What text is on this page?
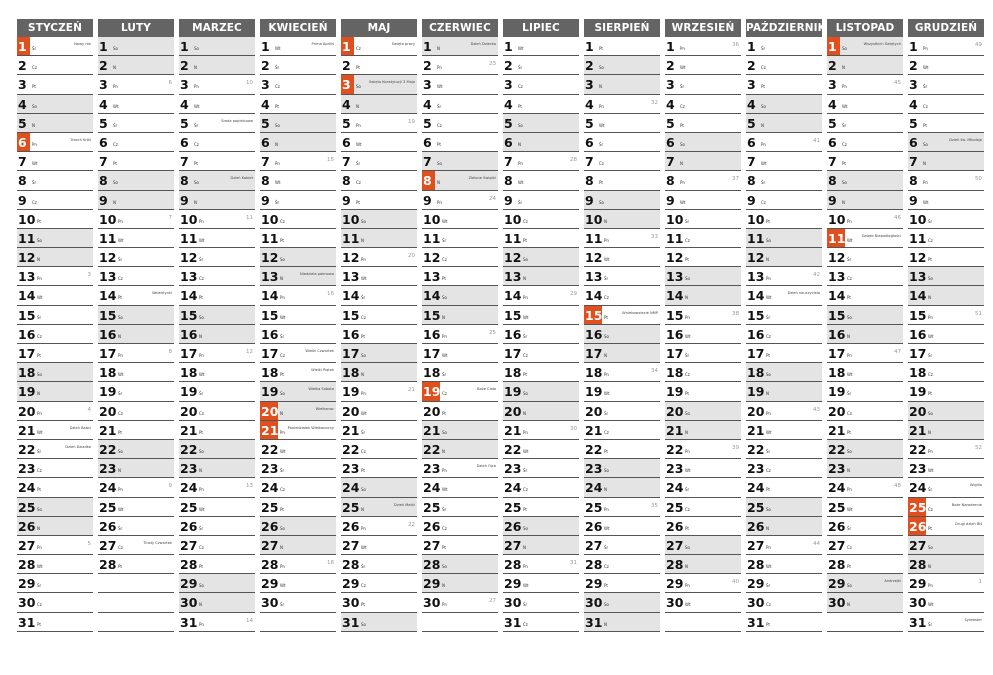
STYCZEŃ
1	Śr
Nowy rok
2	Cz
3	Pt
4	So
5	N
6	Pn
Trzech Króli
7	Wt
8	Śr
9	Cz
10 Pt
11 So
12 N
13 Pn
3
14 Wt
15 Śr
16 Cz
17 Pt
18 So
19 N
20 Pn
4
21 Wt
Dzień Babci
22 Śr
Dzień Dziadka
23 Cz
24 Pt
25 So
26 N
27 Pn
5
28 Wt
29 Śr
30 Cz
31 Pt
LUTY
1	So
2	N
3	Pn
6
4	Wt
5	Śr
6	Cz
7	Pt
8	So
9	N
10 Pn
7
11 Wt
12 Śr
13 Cz
14 Pt
Walentynki
15 So
16 N
17 Pn
8
18 Wt
19 Śr
20 Cz
21 Pt
22 So
23 N
24 Pn
9
25 Wt
26 Śr
27 Cz
Tłusty Czwartek
28 Pt
MARZEC
1	So
2	N
3	Pn
10
4	Wt
5	Śr
Środa popielcowa
6	Cz
7	Pt
8	So
Dzień Kobiet
9	N
10 Pn
11
11 Wt
12 Śr
13 Cz
14 Pt
15 So
16 N
17 Pn
12
18 Wt
19 Śr
20 Cz
21 Pt
22 So
23 N
24 Pn
13
25 Wt
26 Śr
27 Cz
28 Pt
29 So
30 N
31 Pn
14
KWIECIEŃ
1	Wt
Prima Aprilis
2	Śr
3	Cz
4	Pt
5	So
6	N
7	Pn
15
8	Wt
9	Śr
10 Cz
11 Pt
12 So
13 N
Niedziela palmowa
14 Pn
16
15 Wt
16 Śr
17 Cz
Wielki Czwartek
18 Pt
Wielki Piątek
19 So
Wielka Sobota
20 N
Wielkanoc
21 Pn
Poniedziałek Wielkanocny
22 Wt
23 Śr
24 Cz
25 Pt
26 So
27 N
28 Pn
18
29 Wt
30 Śr
MAJ
1	Cz
Święto pracy
2	Pt
3	So
Święto Konstytucji 3 Maja
4	N
5	Pn
19
6	Wt
7	Śr
8	Cz
9	Pt
10 So
11 N
12 Pn
20
13 Wt
14 Śr
15 Cz
16 Pt
17 So
18 N
19 Pn
21
20 Wt
21 Śr
22 Cz
23 Pt
24 So
25 N
Dzień Matki
26 Pn
22
27 Wt
28 Śr
29 Cz
30 Pt
31 So
CZERWIEC
1	N
Dzień Dziecka
2	Pn
23
3	Wt
4	Śr
5	Cz
6	Pt
7	So
8	N
Zielone Świątki
9	Pn
24
10 Wt
11 Śr
12 Cz
13 Pt
14 So
15 N
16 Pn
25
17 Wt
18 Śr
19 Cz
Boże Ciało
20 Pt
21 So
22 N
23 Pn
Dzień Ojca
24 Wt
25 Śr
26 Cz
27 Pt
28 So
29 N
30 Pn
27
LIPIEC
1	Wt
2	Śr
3	Cz
4	Pt
5	So
6	N
7	Pn
28
8	Wt
9	Śr
10 Cz
11 Pt
12 So
13 N
14 Pn
29
15 Wt
16 Śr
17 Cz
18 Pt
19 So
20 N
21 Pn
30
22 Wt
23 Śr
24 Cz
25 Pt
26 So
27 N
28 Pn
31
29 Wt
30 Śr
31 Cz
SIERPIEŃ
1	Pt
2	So
3	N
4	Pn
32
5	Wt
6	Śr
7	Cz
8	Pt
9	So
10 N
11 Pn
33
12 Wt
13 Śr
14 Cz
15 Pt
Wniebowzięcie NMP
16 So
17 N
18 Pn
34
19 Wt
20 Śr
21 Cz
22 Pt
23 So
24 N
25 Pn
35
26 Wt
27 Śr
28 Cz
29 Pt
30 So
31 N
WRZESIEŃ
1	Pn
36
2	Wt
3	Śr
4	Cz
5	Pt
6	So
7	N
8	Pn
37
9	Wt
10 Śr
11 Cz
12 Pt
13 So
14 N
15 Pn
38
16 Wt
17 Śr
18 Cz
19 Pt
20 So
21 N
22 Pn
39
23 Wt
24 Śr
25 Cz
26 Pt
27 So
28 N
29 Pn
40
30 Wt
PAŹDZIERNIK
1	Śr
2	Cz
3	Pt
4	So
5	N
6	Pn
41
7	Wt
8	Śr
9	Cz
10 Pt
11 So
12 N
13 Pn
42
14 Wt
Dzień nauczyciela
15 Śr
16 Cz
17 Pt
18 So
19 N
20 Pn
43
21 Wt
22 Śr
23 Cz
24 Pt
25 So
26 N
27 Pn
44
28 Wt
29 Śr
30 Cz
31 Pt
LISTOPAD
1	So
Wszystkich Świętych
2	N
3	Pn
45
4	Wt
5	Śr
6	Cz
7	Pt
8	So
9	N
10 Pn
46
11 Wt
Święto Niepodległości
12 Śr
13 Cz
14 Pt
15 So
16 N
17 Pn
47
18 Wt
19 Śr
20 Cz
21 Pt
22 So
23 N
24 Pn
48
25 Wt
26 Śr
27 Cz
28 Pt
29 So
Andrzejki
30 N
GRUDZIEŃ
1	Pn
49
2	Wt
3	Śr
4	Cz
5	Pt
6	So
Dzień św. Mikołaja
7	N
8	Pn
50
9	Wt
10 Śr
11 Cz
12 Pt
13 So
14 N
15 Pn
51
16 Wt
17 Śr
18 Cz
19 Pt
20 So
21 N
22 Pn
52
23 Wt
24 Śr
Wigilia
25 Cz
Boże Narodzenie
26 Pt
Drugi dzień BN
27 So
28 N
29 Pn
1
30 Wt
31 Śr
Sylwester
